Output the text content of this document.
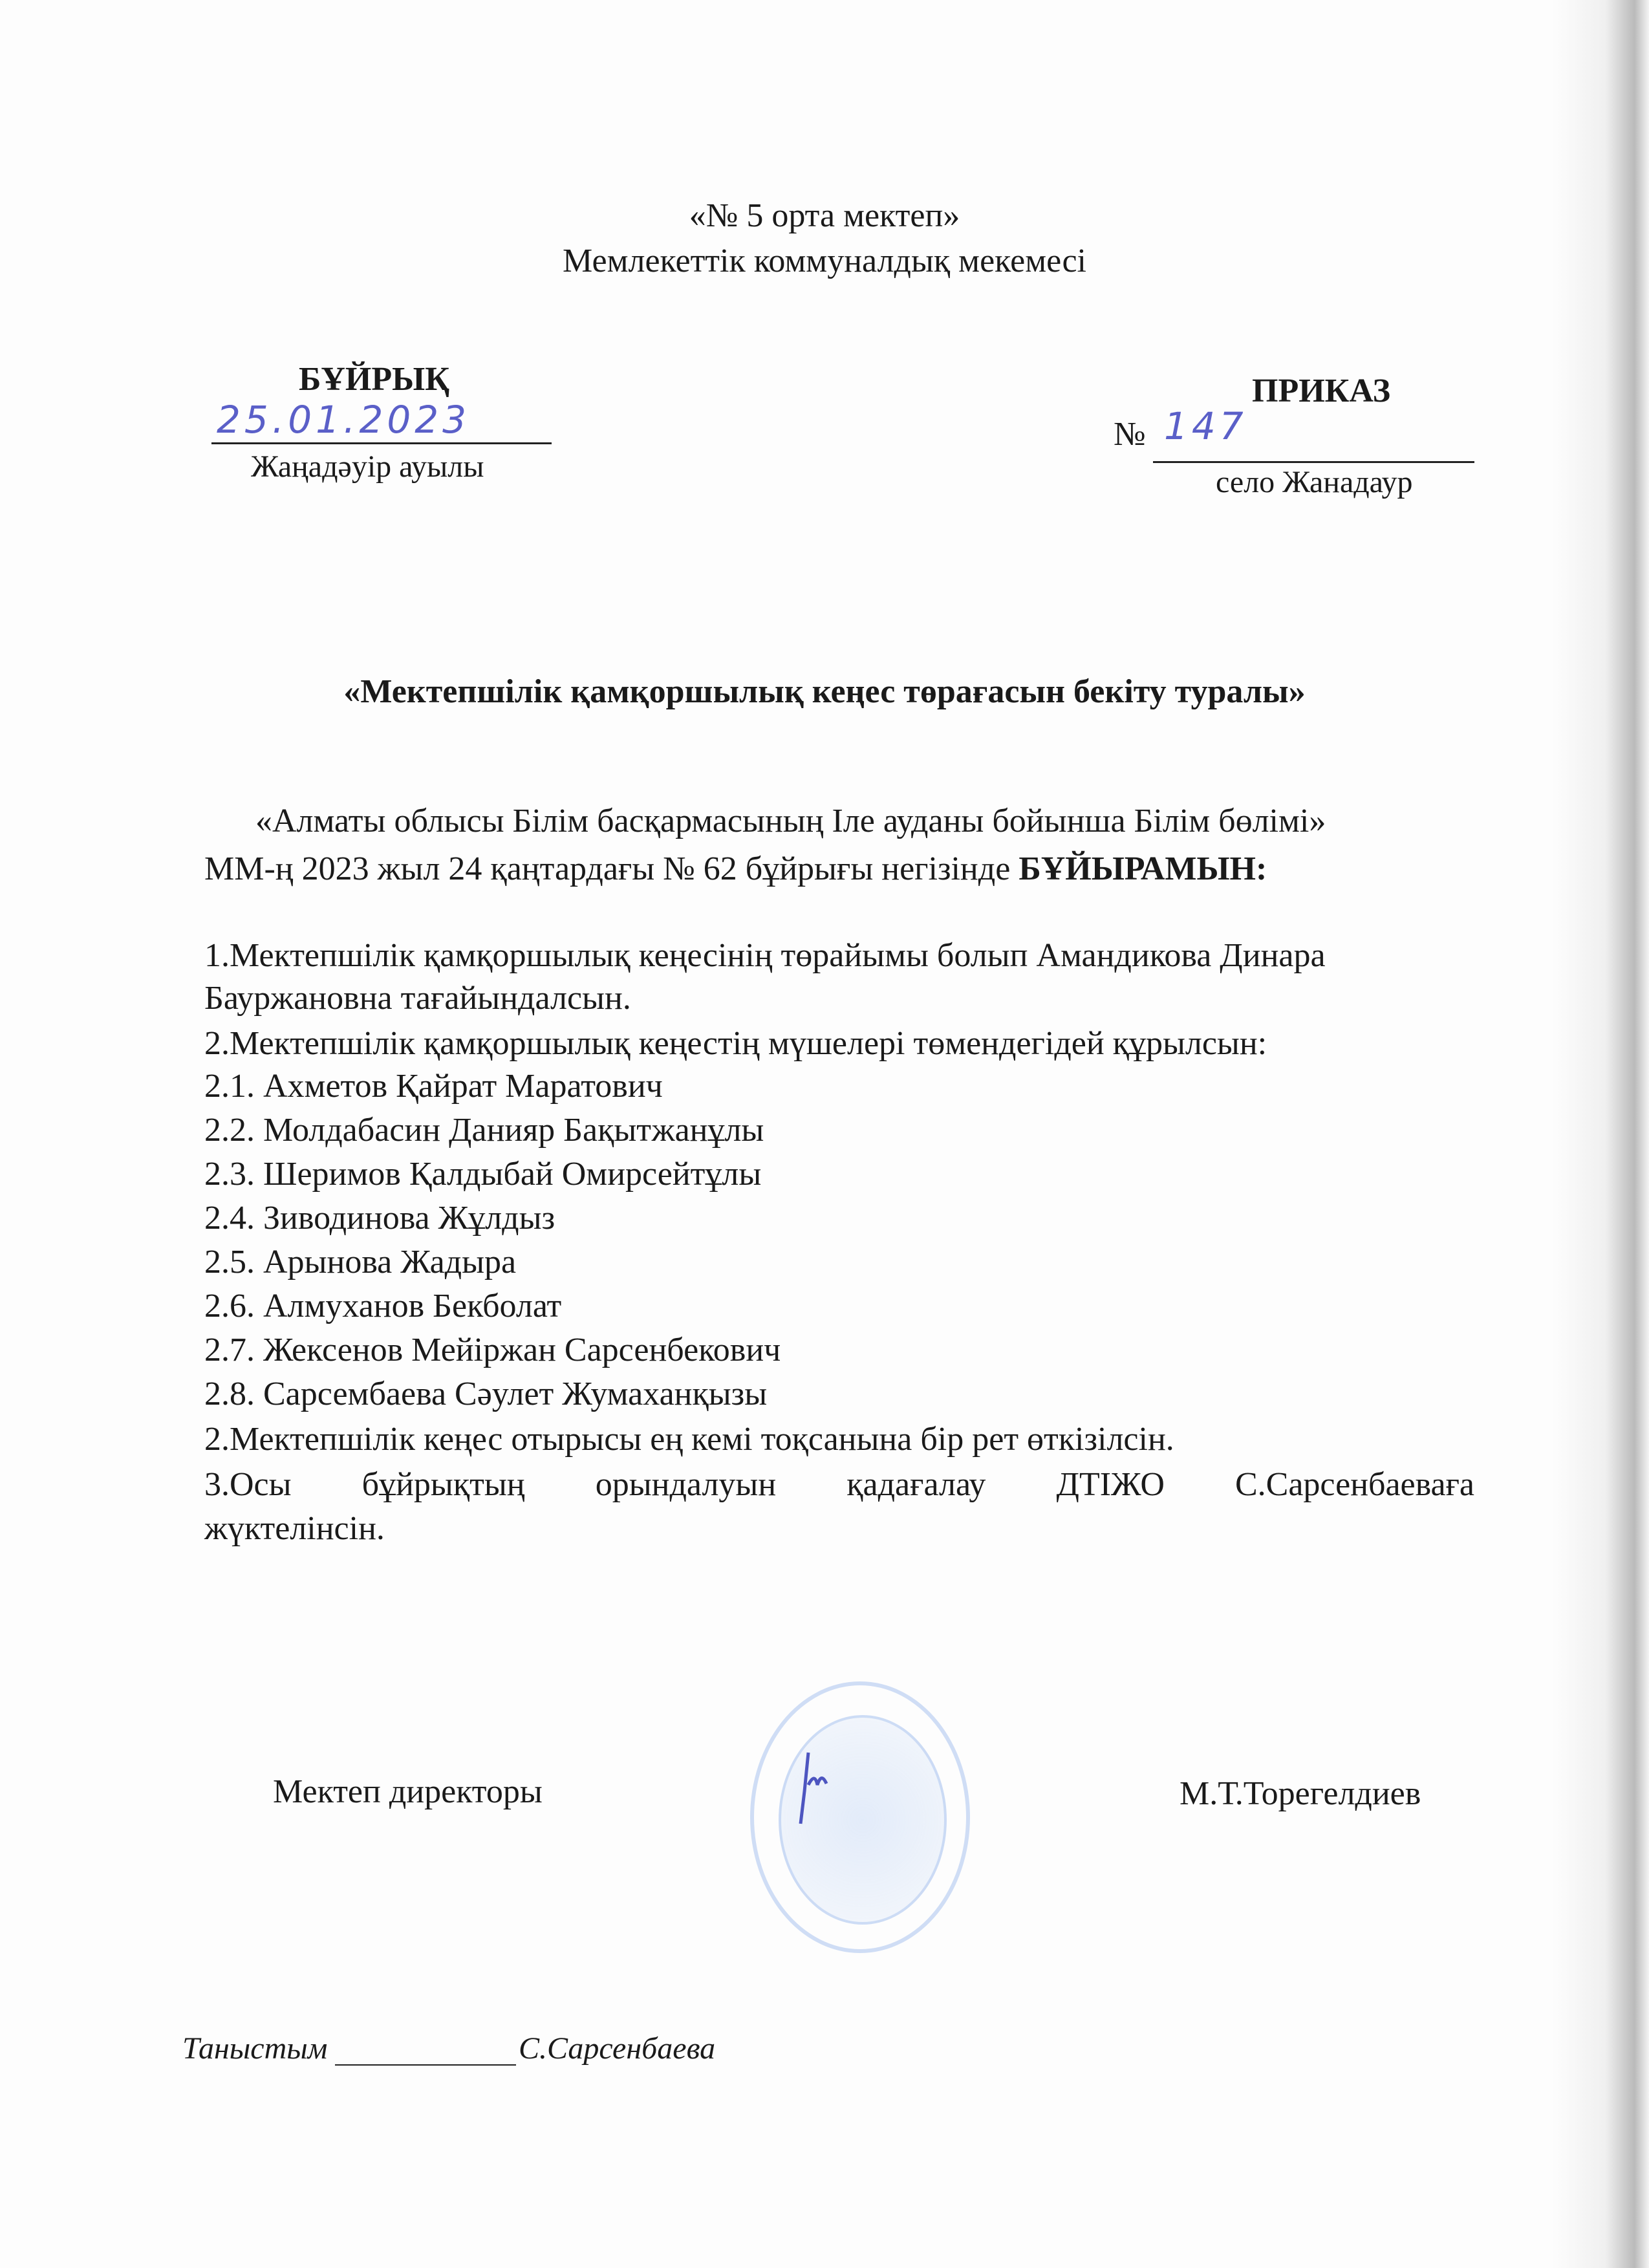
«№ 5 орта мектеп»
Мемлекеттік коммуналдық мекемесі
БҰЙРЫҚ
25.01.2023
Жаңадәуір ауылы
ПРИКАЗ
№ 147
село Жанадаур
«Мектепшілік қамқоршылық кеңес төрағасын бекіту туралы»
«Алматы облысы Білім басқармасының Іле ауданы бойынша Білім бөлімі»
ММ-ң 2023 жыл 24 қаңтардағы № 62 бұйрығы негізінде БҰЙЫРАМЫН:
1.Мектепшілік қамқоршылық кеңесінің төрайымы болып Амандикова Динара
Бауржановна тағайындалсын.
2.Мектепшілік қамқоршылық кеңестің мүшелері төмендегідей құрылсын:
2.1. Ахметов Қайрат Маратович
2.2. Молдабасин Данияр Бақытжанұлы
2.3. Шеримов Қалдыбай Омирсейтұлы
2.4. Зиводинова Жұлдыз
2.5. Арынова Жадыра
2.6. Алмуханов Бекболат
2.7. Жексенов Мейіржан Сарсенбекович
2.8. Сарсембаева Сәулет Жумаханқызы
2.Мектепшілік кеңес отырысы ең кемі тоқсанына бір рет өткізілсін.
3.Осы бұйрықтың орындалуын қадағалау ДТІЖО С.Сарсенбаеваға
жүктелінсін.
Мектеп директоры	М.Т.Торегелдиев
Таныстым	С.Сарсенбаева
